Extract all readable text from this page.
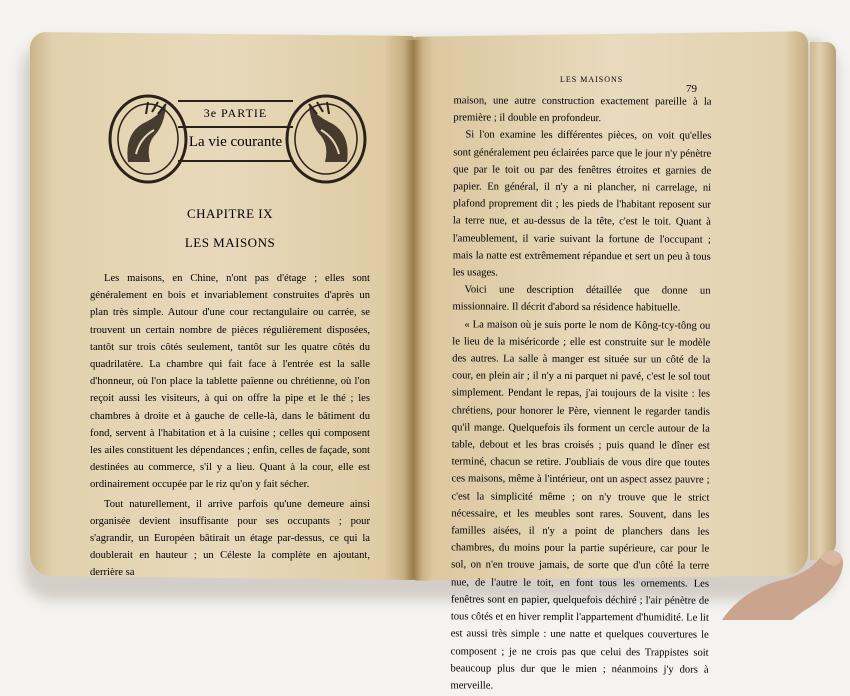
3e PARTIE
La vie courante
CHAPITRE IX
LES MAISONS

Les maisons, en Chine, n'ont pas d'étage ; elles sont généralement en bois et invariablement construites d'après un plan très simple. Autour d'une cour rectangulaire ou carrée, se trouvent un certain nombre de pièces régulièrement disposées, tantôt sur trois côtés seulement, tantôt sur les quatre côtés du quadrilatère. La chambre qui fait face à l'entrée est la salle d'honneur, où l'on place la tablette païenne ou chrétienne, où l'on reçoit aussi les visiteurs, à qui on offre la pipe et le thé ; les chambres à droite et à gauche de celle-là, dans le bâtiment du fond, servent à l'habitation et à la cuisine ; celles qui composent les ailes constituent les dépendances ; enfin, celles de façade, sont destinées au commerce, s'il y a lieu. Quant à la cour, elle est ordinairement occupée par le riz qu'on y fait sécher.

Tout naturellement, il arrive parfois qu'une demeure ainsi organisée devient insuffisante pour ses occupants ; pour s'agrandir, un Européen bâtirait un étage par-dessus, ce qui la doublerait en hauteur ; un Céleste la complète en ajoutant, derrière sa

LES MAISONS
79

maison, une autre construction exactement pareille à la première ; il double en profondeur.

Si l'on examine les différentes pièces, on voit qu'elles sont généralement peu éclairées parce que le jour n'y pénètre que par le toit ou par des fenêtres étroites et garnies de papier. En général, il n'y a ni plancher, ni carrelage, ni plafond proprement dit ; les pieds de l'habitant reposent sur la terre nue, et au-dessus de la tête, c'est le toit. Quant à l'ameublement, il varie suivant la fortune de l'occupant ; mais la natte est extrêmement répandue et sert un peu à tous les usages.

Voici une description détaillée que donne un missionnaire. Il décrit d'abord sa résidence habituelle.

« La maison où je suis porte le nom de Kông-tcy-tông ou le lieu de la miséricorde ; elle est construite sur le modèle des autres. La salle à manger est située sur un côté de la cour, en plein air ; il n'y a ni parquet ni pavé, c'est le sol tout simplement. Pendant le repas, j'ai toujours de la visite : les chrétiens, pour honorer le Père, viennent le regarder tandis qu'il mange. Quelquefois ils forment un cercle autour de la table, debout et les bras croisés ; puis quand le dîner est terminé, chacun se retire. J'oubliais de vous dire que toutes ces maisons, même à l'intérieur, ont un aspect assez pauvre ; c'est la simplicité même ; on n'y trouve que le strict nécessaire, et les meubles sont rares. Souvent, dans les familles aisées, il n'y a point de planchers dans les chambres, du moins pour la partie supérieure, car pour le sol, on n'en trouve jamais, de sorte que d'un côté la terre nue, de l'autre le toit, en font tous les ornements. Les fenêtres sont en papier, quelquefois déchiré ; l'air pénètre de tous côtés et en hiver remplit l'appartement d'humidité. Le lit est aussi très simple : une natte et quelques couvertures le composent ; je ne crois pas que celui des Trappistes soit beaucoup plus dur que le mien ; néanmoins j'y dors à merveille.
